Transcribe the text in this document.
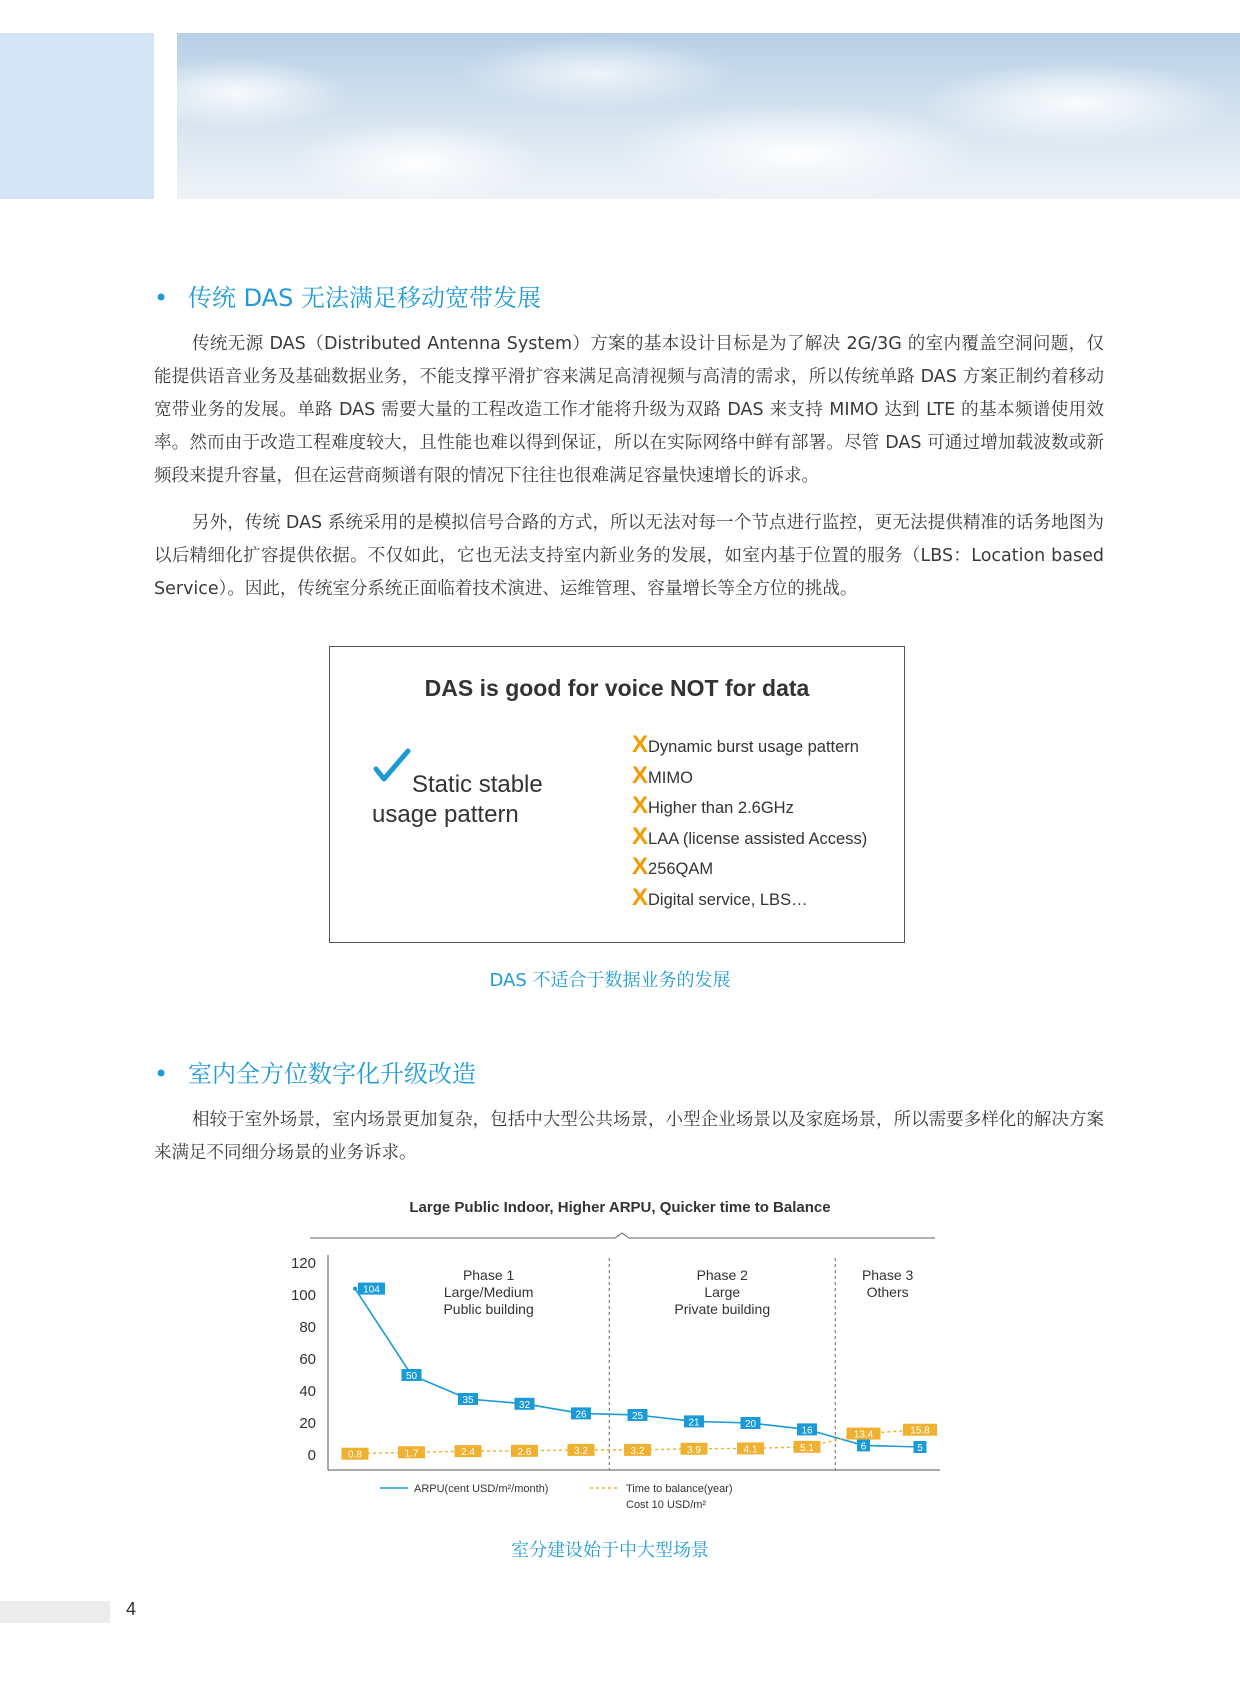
• 传统 DAS 无法满足移动宽带发展

传统无源 DAS（Distributed Antenna System）方案的基本设计目标是为了解决 2G/3G 的室内覆盖空洞问题，仅能提供语音业务及基础数据业务，不能支撑平滑扩容来满足高清视频与高清的需求，所以传统单路 DAS 方案正制约着移动宽带业务的发展。单路 DAS 需要大量的工程改造工作才能将升级为双路 DAS 来支持 MIMO 达到 LTE 的基本频谱使用效率。然而由于改造工程难度较大，且性能也难以得到保证，所以在实际网络中鲜有部署。尽管 DAS 可通过增加载波数或新频段来提升容量，但在运营商频谱有限的情况下往往也很难满足容量快速增长的诉求。

另外，传统 DAS 系统采用的是模拟信号合路的方式，所以无法对每一个节点进行监控，更无法提供精准的话务地图为以后精细化扩容提供依据。不仅如此，它也无法支持室内新业务的发展，如室内基于位置的服务（LBS：Location based Service）。因此，传统室分系统正面临着技术演进、运维管理、容量增长等全方位的挑战。

DAS is good for voice NOT for data
Static stable
usage pattern
XDynamic burst usage pattern
XMIMO
XHigher than 2.6GHz
XLAA (license assisted Access)
X256QAM
XDigital service, LBS…

DAS 不适合于数据业务的发展

• 室内全方位数字化升级改造

相较于室外场景，室内场景更加复杂，包括中大型公共场景，小型企业场景以及家庭场景，所以需要多样化的解决方案来满足不同细分场景的业务诉求。

Large Public Indoor, Higher ARPU, Quicker time to Balance
0
20
40
60
80
100
120
Phase 1
Large/Medium
Public building
Phase 2
Large
Private building
Phase 3
Others
104
50
35	32
26	25
21	20
16
6	5
0.8	1.7	2.4	2.6	3.2	3.2	3.9	4.1	5.1
13.4	15.8
ARPU(cent USD/m²/month)	Time to balance(year)
Cost 10 USD/m²

室分建设始于中大型场景

4
